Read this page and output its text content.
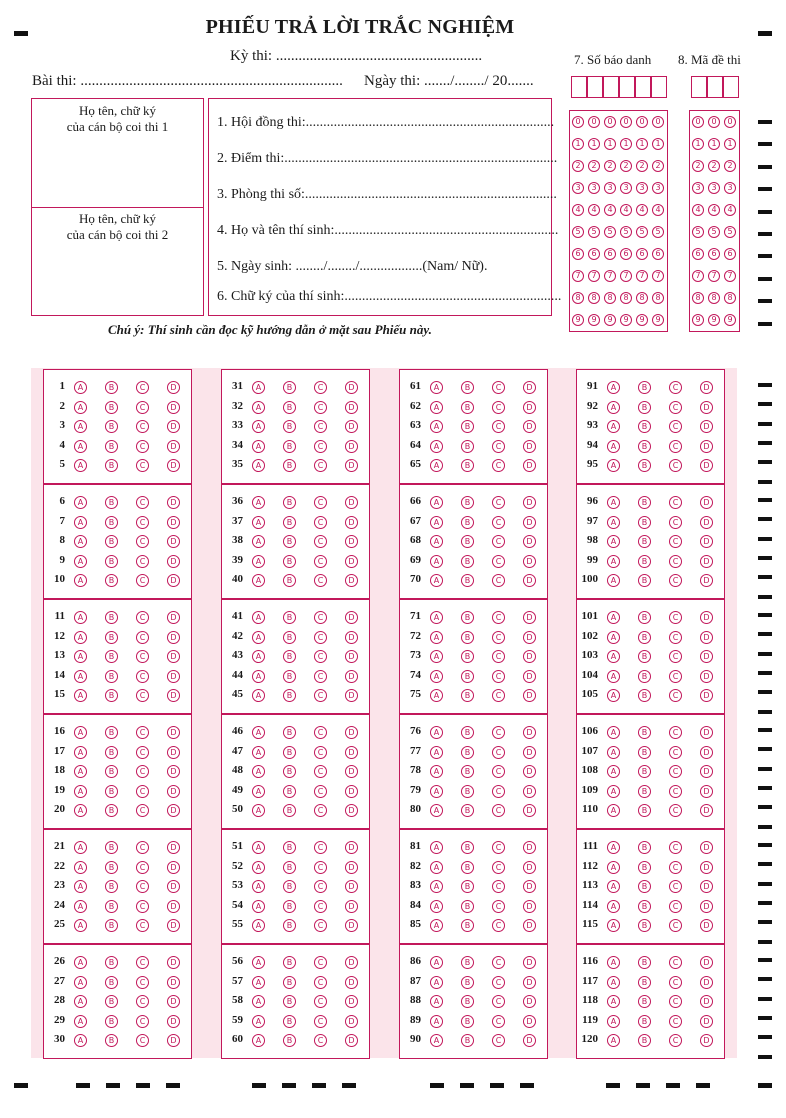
PHIẾU TRẢ LỜI TRẮC NGHIỆM
Kỳ thi: .......................................................
Bài thi: ...................................................................... Ngày thi: ......./......../ 20.......
7. Số báo danh 8. Mã đề thi
Họ tên, chữ ký
của cán bộ coi thi 1
Họ tên, chữ ký
của cán bộ coi thi 2
1. Hội đồng thi:.......................................................................
2. Điểm thi:..............................................................................
3. Phòng thi số:........................................................................
4. Họ và tên thí sinh:................................................................
5. Ngày sinh: ......../......../..................(Nam/ Nữ).
6. Chữ ký của thí sinh:..............................................................
Chú ý: Thí sinh cần đọc kỹ hướng dẫn ở mặt sau Phiếu này.
0	0	0	0	0	0
1	1	1	1	1	1
2	2	2	2	2	2
3	3	3	3	3	3
4	4	4	4	4	4
5	5	5	5	5	5
6	6	6	6	6	6
7	7	7	7	7	7
8	8	8	8	8	8
9	9	9	9	9	9
0	0	0
1	1	1
2	2	2
3	3	3
4	4	4
5	5	5
6	6	6
7	7	7
8	8	8
9	9	9
1	A	B	C	D
2	A	B	C	D
3	A	B	C	D
4	A	B	C	D
5	A	B	C	D
6	A	B	C	D
7	A	B	C	D
8	A	B	C	D
9	A	B	C	D
10	A	B	C	D
11	A	B	C	D
12	A	B	C	D
13	A	B	C	D
14	A	B	C	D
15	A	B	C	D
16	A	B	C	D
17	A	B	C	D
18	A	B	C	D
19	A	B	C	D
20	A	B	C	D
21	A	B	C	D
22	A	B	C	D
23	A	B	C	D
24	A	B	C	D
25	A	B	C	D
26	A	B	C	D
27	A	B	C	D
28	A	B	C	D
29	A	B	C	D
30	A	B	C	D
31	A	B	C	D
32	A	B	C	D
33	A	B	C	D
34	A	B	C	D
35	A	B	C	D
36	A	B	C	D
37	A	B	C	D
38	A	B	C	D
39	A	B	C	D
40	A	B	C	D
41	A	B	C	D
42	A	B	C	D
43	A	B	C	D
44	A	B	C	D
45	A	B	C	D
46	A	B	C	D
47	A	B	C	D
48	A	B	C	D
49	A	B	C	D
50	A	B	C	D
51	A	B	C	D
52	A	B	C	D
53	A	B	C	D
54	A	B	C	D
55	A	B	C	D
56	A	B	C	D
57	A	B	C	D
58	A	B	C	D
59	A	B	C	D
60	A	B	C	D
61	A	B	C	D
62	A	B	C	D
63	A	B	C	D
64	A	B	C	D
65	A	B	C	D
66	A	B	C	D
67	A	B	C	D
68	A	B	C	D
69	A	B	C	D
70	A	B	C	D
71	A	B	C	D
72	A	B	C	D
73	A	B	C	D
74	A	B	C	D
75	A	B	C	D
76	A	B	C	D
77	A	B	C	D
78	A	B	C	D
79	A	B	C	D
80	A	B	C	D
81	A	B	C	D
82	A	B	C	D
83	A	B	C	D
84	A	B	C	D
85	A	B	C	D
86	A	B	C	D
87	A	B	C	D
88	A	B	C	D
89	A	B	C	D
90	A	B	C	D
91	A	B	C	D
92	A	B	C	D
93	A	B	C	D
94	A	B	C	D
95	A	B	C	D
96	A	B	C	D
97	A	B	C	D
98	A	B	C	D
99	A	B	C	D
100	A	B	C	D
101	A	B	C	D
102	A	B	C	D
103	A	B	C	D
104	A	B	C	D
105	A	B	C	D
106	A	B	C	D
107	A	B	C	D
108	A	B	C	D
109	A	B	C	D
110	A	B	C	D
111	A	B	C	D
112	A	B	C	D
113	A	B	C	D
114	A	B	C	D
115	A	B	C	D
116	A	B	C	D
117	A	B	C	D
118	A	B	C	D
119	A	B	C	D
120	A	B	C	D
